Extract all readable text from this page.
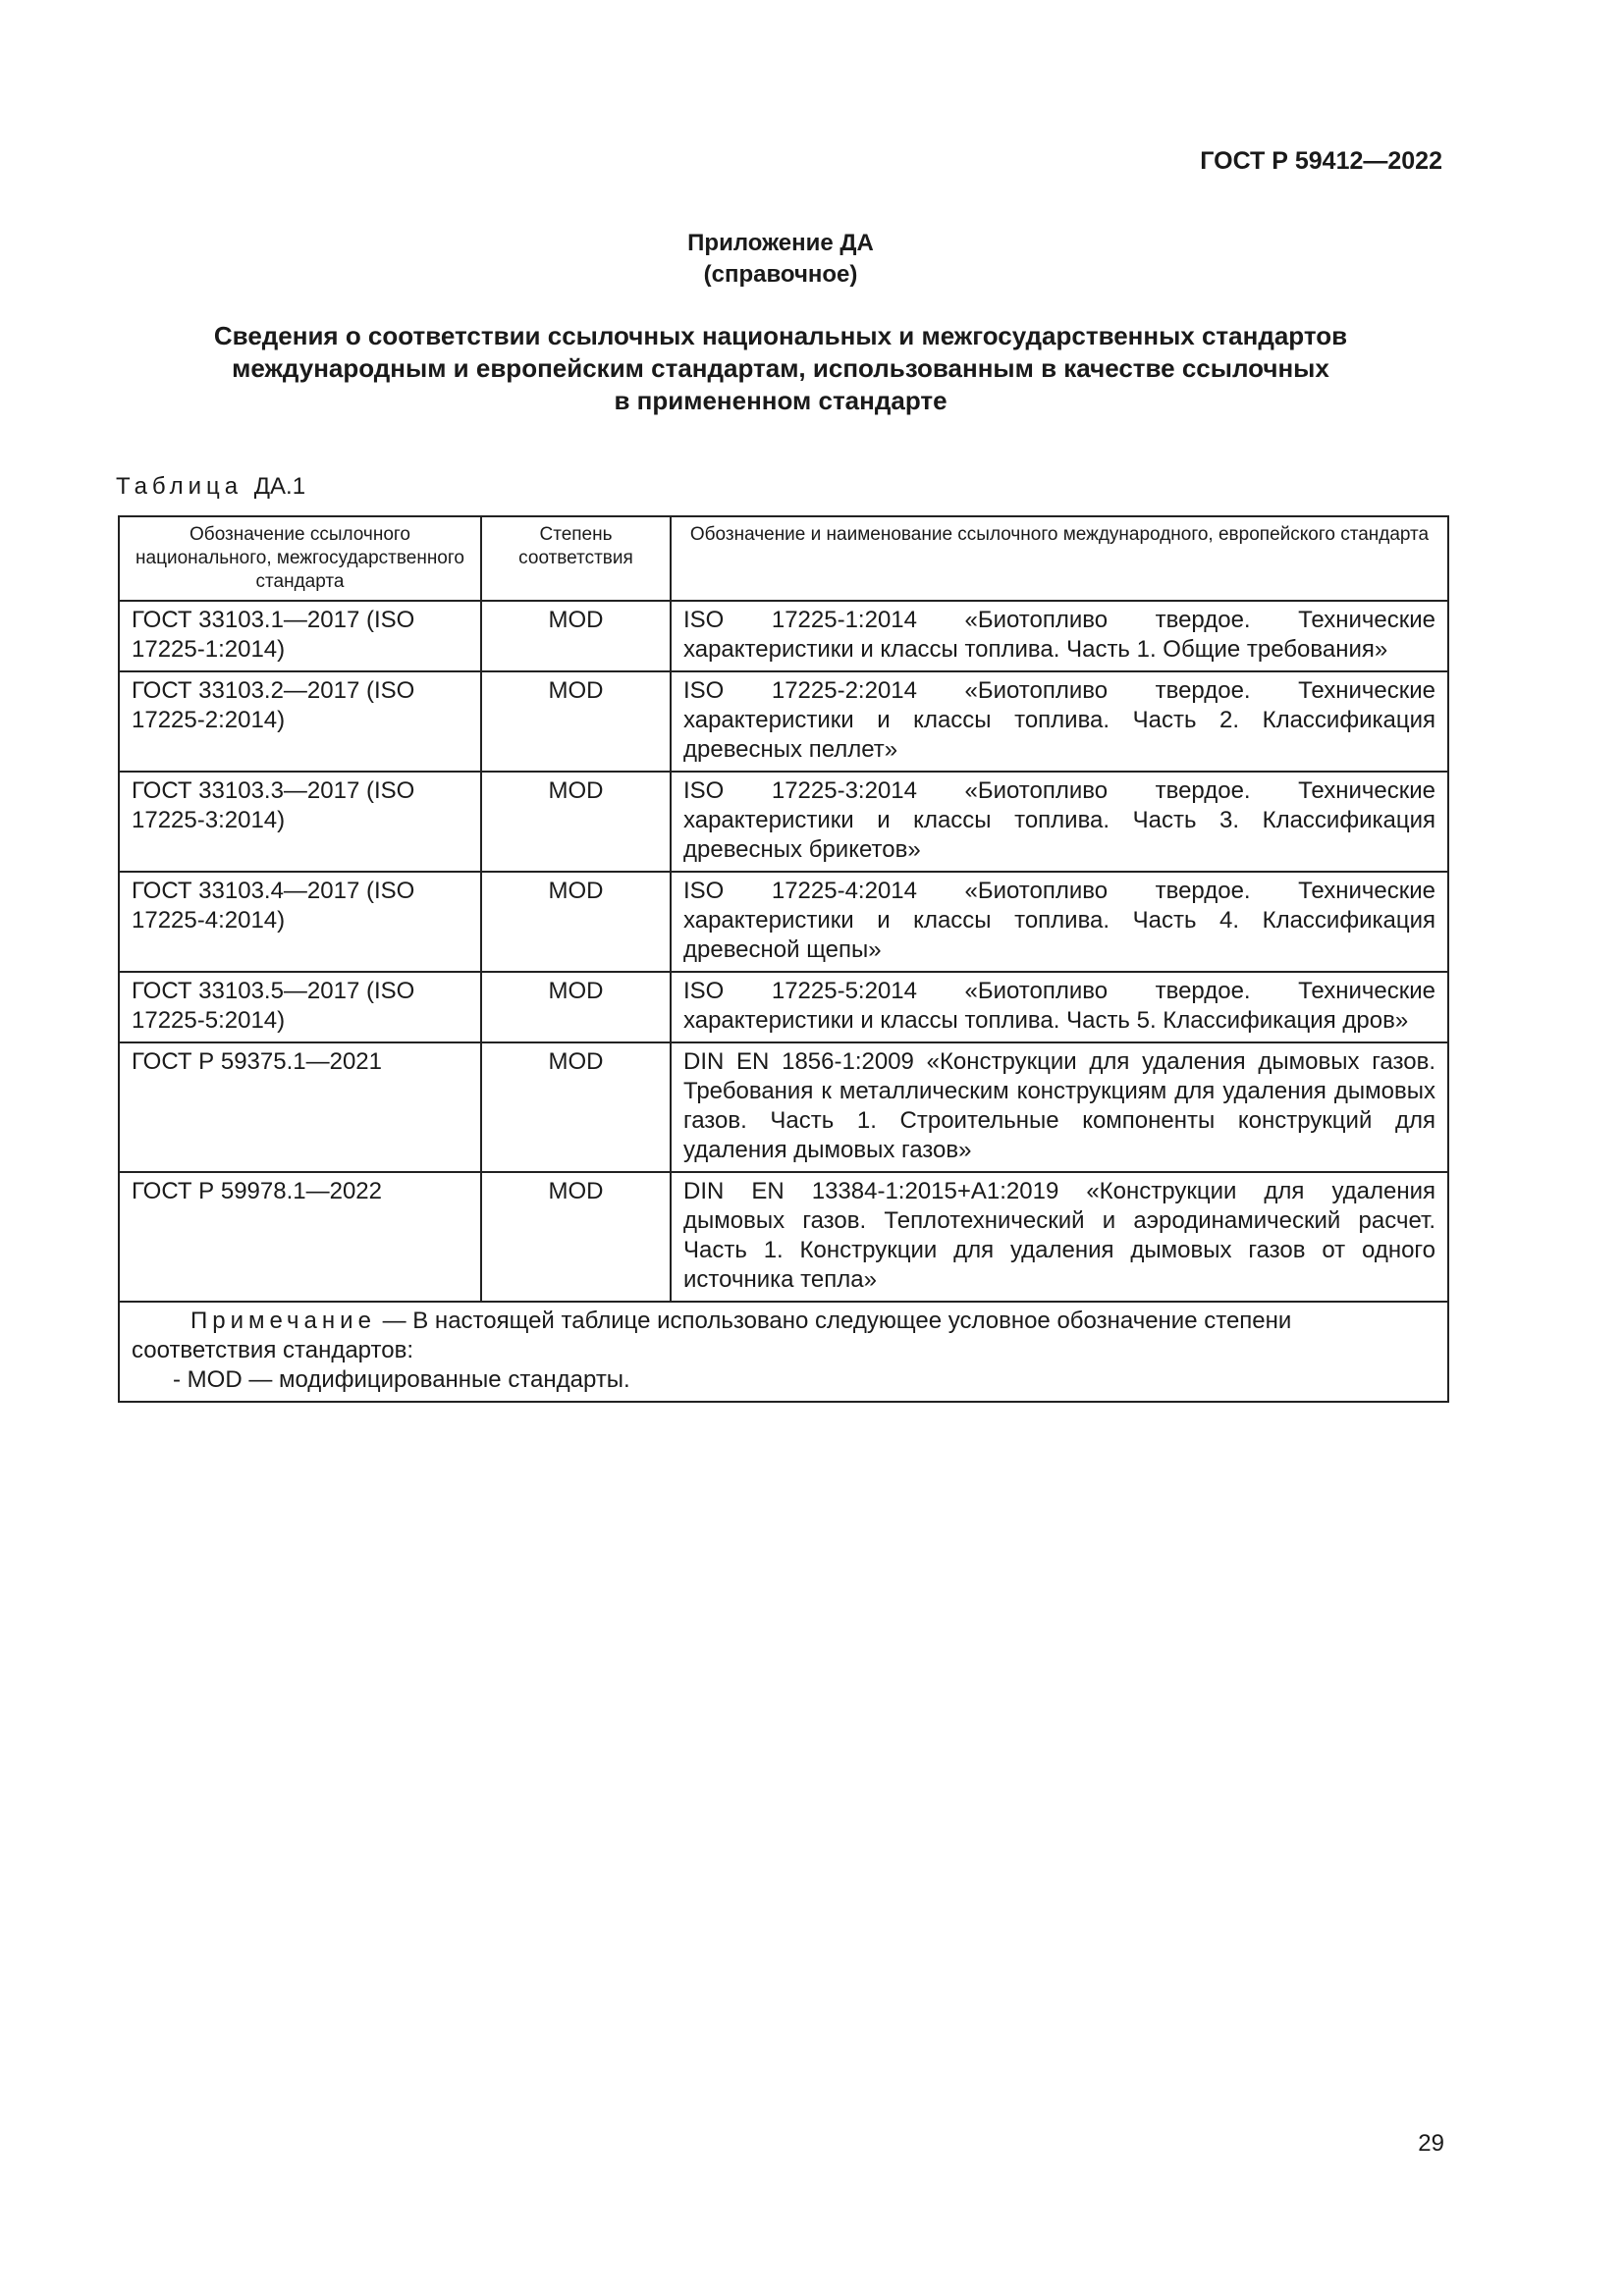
ГОСТ Р 59412—2022

Приложение ДА

(справочное)

Сведения о соответствии ссылочных национальных и межгосударственных стандартов
международным и европейским стандартам, использованным в качестве ссылочных
в примененном стандарте

Таблица ДА.1

Обозначение ссылочного национального, межгосударственного стандарта	Степень соответствия	Обозначение и наименование ссылочного международного, европейского стандарта
ГОСТ 33103.1—2017 (ISO 17225-1:2014)	MOD	ISO 17225-1:2014 «Биотопливо твердое. Технические характеристики и классы топлива. Часть 1. Общие требования»
ГОСТ 33103.2—2017 (ISO 17225-2:2014)	MOD	ISO 17225-2:2014 «Биотопливо твердое. Технические характеристики и классы топлива. Часть 2. Классификация древесных пеллет»
ГОСТ 33103.3—2017 (ISO 17225-3:2014)	MOD	ISO 17225-3:2014 «Биотопливо твердое. Технические характеристики и классы топлива. Часть 3. Классификация древесных брикетов»
ГОСТ 33103.4—2017 (ISO 17225-4:2014)	MOD	ISO 17225-4:2014 «Биотопливо твердое. Технические характеристики и классы топлива. Часть 4. Классификация древесной щепы»
ГОСТ 33103.5—2017 (ISO 17225-5:2014)	MOD	ISO 17225-5:2014 «Биотопливо твердое. Технические характеристики и классы топлива. Часть 5. Классификация дров»
ГОСТ Р 59375.1—2021	MOD	DIN EN 1856-1:2009 «Конструкции для удаления дымовых газов. Требования к металлическим конструкциям для удаления дымовых газов. Часть 1. Строительные компоненты конструкций для удаления дымовых газов»
ГОСТ Р 59978.1—2022	MOD	DIN EN 13384-1:2015+A1:2019 «Конструкции для удаления дымовых газов. Теплотехнический и аэродинамический расчет. Часть 1. Конструкции для удаления дымовых газов от одного источника тепла»

Примечание — В настоящей таблице использовано следующее условное обозначение степени соответствия стандартов:
- MOD — модифицированные стандарты.		

29
